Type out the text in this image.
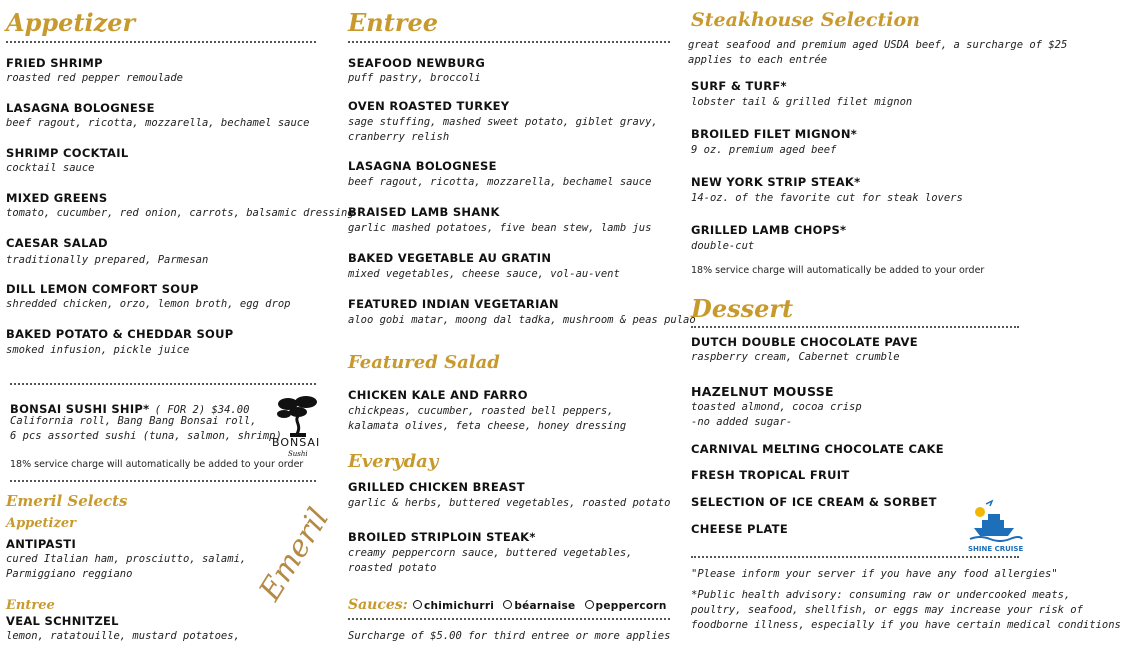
Appetizer
FRIED SHRIMP
roasted red pepper remoulade
LASAGNA BOLOGNESE
beef ragout, ricotta, mozzarella, bechamel sauce
SHRIMP COCKTAIL
cocktail sauce
MIXED GREENS
tomato, cucumber, red onion, carrots, balsamic dressing
CAESAR SALAD
traditionally prepared, Parmesan
DILL LEMON COMFORT SOUP
shredded chicken, orzo, lemon broth, egg drop
BAKED POTATO & CHEDDAR SOUP
smoked infusion, pickle juice
BONSAI SUSHI SHIP* ( FOR 2) $34.00
California roll, Bang Bang Bonsai roll,
6 pcs assorted sushi (tuna, salmon, shrimp)
BONSAI
Sushi
18% service charge will automatically be added to your order
Emeril Selects
Appetizer
ANTIPASTI
cured Italian ham, prosciutto, salami,
Parmiggiano reggiano
Entree
VEAL SCHNITZEL
lemon, ratatouille, mustard potatoes,
Emeril
Entree
SEAFOOD NEWBURG
puff pastry, broccoli
OVEN ROASTED TURKEY
sage stuffing, mashed sweet potato, giblet gravy,
cranberry relish
LASAGNA BOLOGNESE
beef ragout, ricotta, mozzarella, bechamel sauce
BRAISED LAMB SHANK
garlic mashed potatoes, five bean stew, lamb jus
BAKED VEGETABLE AU GRATIN
mixed vegetables, cheese sauce, vol-au-vent
FEATURED INDIAN VEGETARIAN
aloo gobi matar, moong dal tadka, mushroom & peas pulao
Featured Salad
CHICKEN KALE AND FARRO
chickpeas, cucumber, roasted bell peppers,
kalamata olives, feta cheese, honey dressing
Everyday
GRILLED CHICKEN BREAST
garlic & herbs, buttered vegetables, roasted potato
BROILED STRIPLOIN STEAK*
creamy peppercorn sauce, buttered vegetables,
roasted potato
Sauces: chimichurri béarnaise peppercorn
Surcharge of $5.00 for third entree or more applies
Steakhouse Selection
great seafood and premium aged USDA beef, a surcharge of $25
applies to each entrée
SURF & TURF*
lobster tail & grilled filet mignon
BROILED FILET MIGNON*
9 oz. premium aged beef
NEW YORK STRIP STEAK*
14-oz. of the favorite cut for steak lovers
GRILLED LAMB CHOPS*
double-cut
18% service charge will automatically be added to your order
Dessert
DUTCH DOUBLE CHOCOLATE PAVE
raspberry cream, Cabernet crumble
HAZELNUT MOUSSE
toasted almond, cocoa crisp
-no added sugar-
CARNIVAL MELTING CHOCOLATE CAKE
FRESH TROPICAL FRUIT
SELECTION OF ICE CREAM & SORBET
CHEESE PLATE
SHINE CRUISE
"Please inform your server if you have any food allergies"
*Public health advisory: consuming raw or undercooked meats,
poultry, seafood, shellfish, or eggs may increase your risk of
foodborne illness, especially if you have certain medical conditions
